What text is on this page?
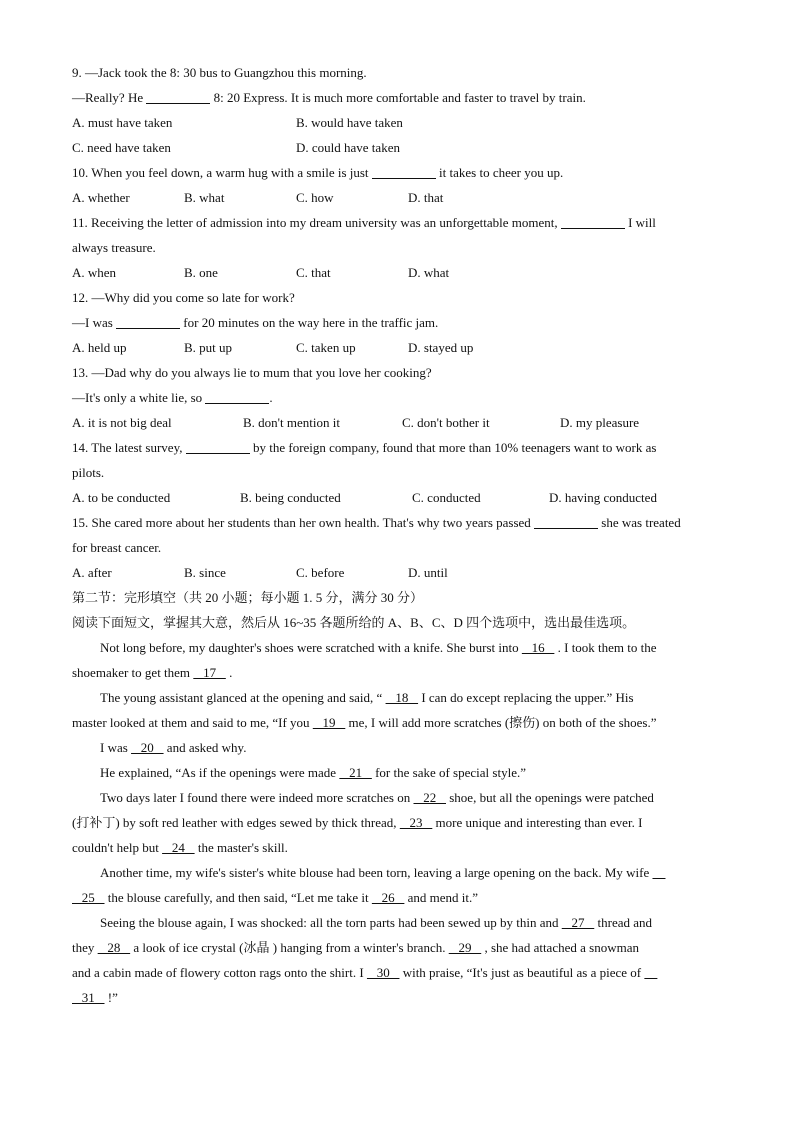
9. —Jack took the 8: 30 bus to Guangzhou this morning.
—Really? He	8: 20 Express. It is much more comfortable and faster to travel by train.
A. must have taken	B. would have taken
C. need have taken	D. could have taken
10. When you feel down, a warm hug with a smile is just	it takes to cheer you up.
A. whether	B. what	C. how	D. that
11. Receiving the letter of admission into my dream university was an unforgettable moment,	I will
always treasure.
A. when	B. one	C. that	D. what
12. —Why did you come so late for work?
—I was	for 20 minutes on the way here in the traffic jam.
A. held up	B. put up	C. taken up	D. stayed up
13. —Dad why do you always lie to mum that you love her cooking?
—It's only a white lie, so	.
A. it is not big deal	B. don't mention it	C. don't bother it	D. my pleasure
14. The latest survey,	by the foreign company, found that more than 10% teenagers want to work as
pilots.
A. to be conducted	B. being conducted	C. conducted	D. having conducted
15. She cared more about her students than her own health. That's why two years passed	she was treated
for breast cancer.
A. after	B. since	C. before	D. until
第二节：完形填空（共 20 小题；每小题 1. 5 分，满分 30 分）
阅读下面短文，掌握其大意，然后从 16~35 各题所给的 A、B、C、D 四个选项中，选出最佳选项。
Not long before, my daughter's shoes were scratched with a knife. She burst into    16    . I took them to the
shoemaker to get them    17    .
The young assistant glanced at the opening and said, “    18    I can do except replacing the upper.” His
master looked at them and said to me, “If you    19    me, I will add more scratches (擦伤) on both of the shoes.”
I was    20    and asked why.
He explained, “As if the openings were made    21    for the sake of special style.”
Two days later I found there were indeed more scratches on    22    shoe, but all the openings were patched
(打补丁) by soft red leather with edges sewed by thick thread,    23    more unique and interesting than ever. I
couldn't help but    24    the master's skill.
Another time, my wife's sister's white blouse had been torn, leaving a large opening on the back. My wife
25    the blouse carefully, and then said, “Let me take it    26    and mend it.”
Seeing the blouse again, I was shocked: all the torn parts had been sewed up by thin and    27    thread and
they    28    a look of ice crystal (冰晶 ) hanging from a winter's branch.    29    , she had attached a snowman
and a cabin made of flowery cotton rags onto the shirt. I    30    with praise, “It's just as beautiful as a piece of
31    !”
